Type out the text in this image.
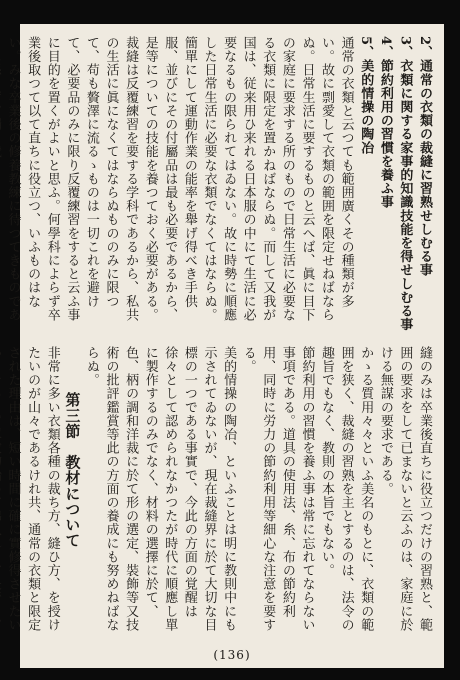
2、通常の衣類の裁縫に習熟せしむる事

3、衣類に関する家事的知識技能を得せしむる事

4、節約利用の習慣を養ふ事

5、美的情操の陶冶

通常の衣類と云つても範囲廣くその種類が多い。故に剽愛して衣類の範囲を限定せねばならぬ。日常生活に要するものと云へば、眞に目下の家庭に要求する所のもので日常生活に必要なる衣類に限定を置かねばならぬ。而して又我が国は、従来用ひ来れる日本服の中にて生活に必要なるもの限られてはゐない。故に時勢に順應した日常生活に必要な衣類でなくてはならぬ。簡單にして運動作業の能率を舉げ得べき手供服、並びにその付屬品は最も必要であるから、是等についての技能を養つておく必要がある。裁縫は反覆練習を要する学科であるから、私共の生活に眞になくてはならぬもののみに限つて、苟も贅澤に流るゝものは一切これを避けて、必要品のみに限り反覆練習をすると云ふ事に目的を置くがよいと思ふ。何學科によらず卒業後取つて以て直ちに役立つ、いふものはない。みな卒業後の修養教練に待つてきものであ

縫のみは卒業後直ちに役立つだけの習熟と、範囲の要求をして已まないと云ふのは、家庭に於ける無謀の要求である。

かゝる質用々々といふ美名のもとに、衣類の範囲を狭く、裁縫の習熟を主とするのは、法令の趣旨でもなく、教則の本旨でもない。

節約利用の習慣を養ふ事は常に忘れてならない事項である。道具の使用法、糸、布の節約利用、同時に労力の節約利用等細心な注意を要する。

美的情操の陶冶、といふことは明に教則中にも示されてゐないが、現在裁縫界に於て大切な目標の一つである事實で、今此の方面の覚醒は徐々として認められなかつたが時代に順應し單に製作するのみでなく、材料の選擇に於て、色、柄の調和洋裁に於て形の選定、裝飾等又技術の批評鑑賞等此の方面の養成にも努めねばならぬ。

第三節　教材について

非常に多い衣類各種の裁ち方、縫ひ方、を授けたいのが山々であるけれ共、通常の衣類と限定された理由は、短い時間に確に實修得させたい

(136)
